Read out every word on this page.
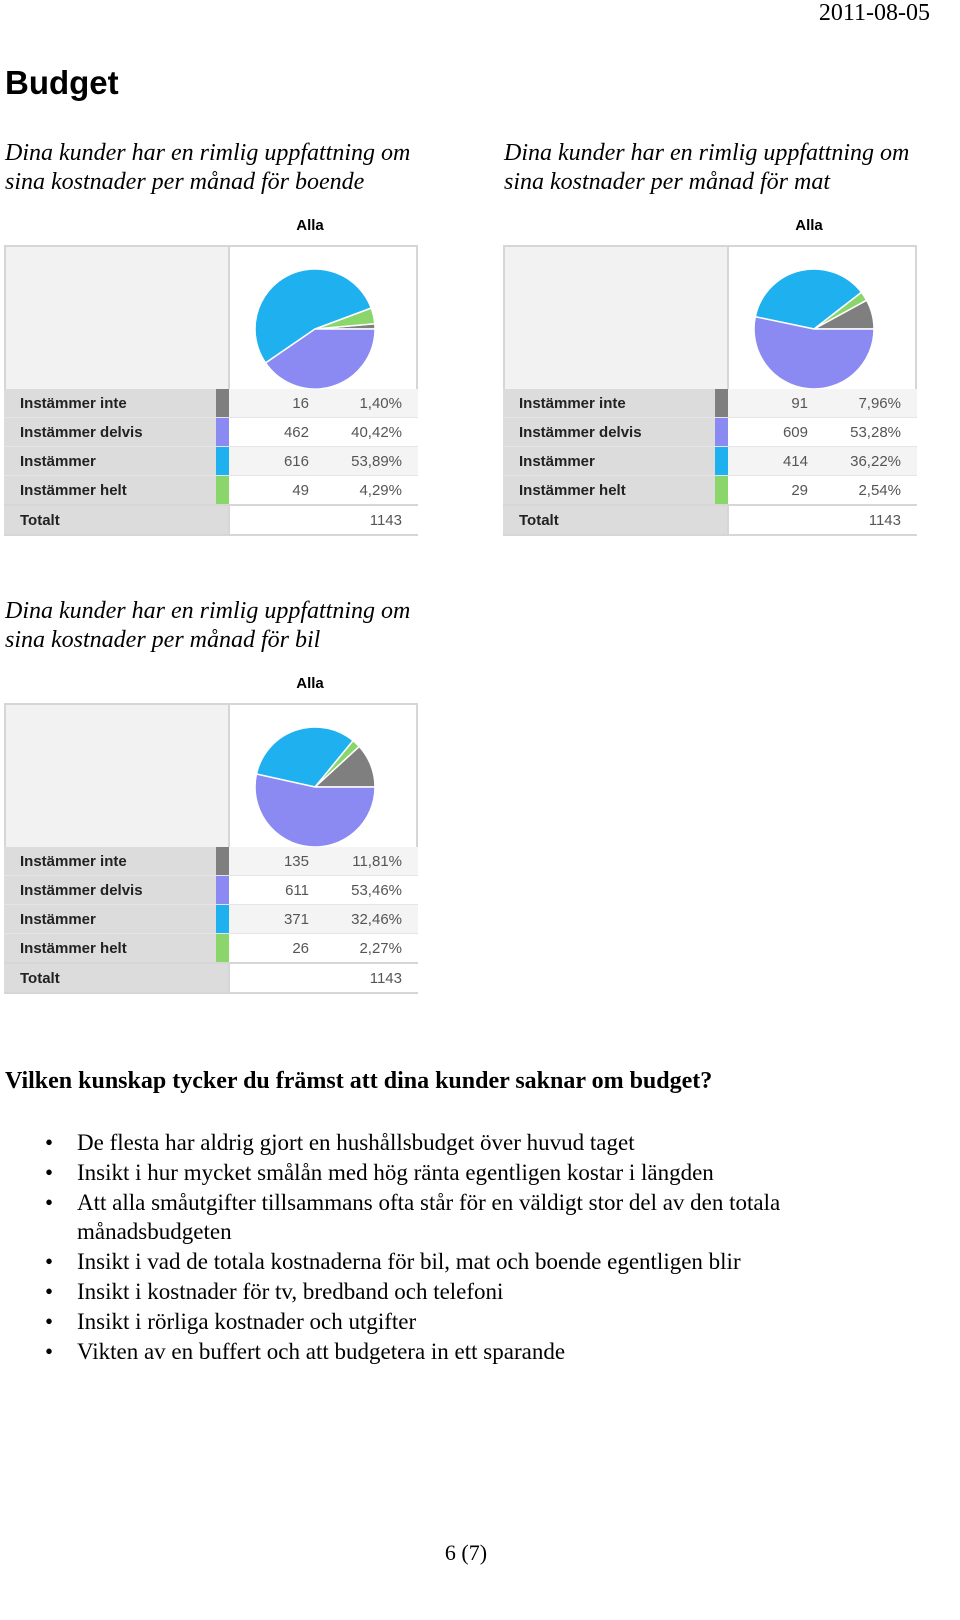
2011-08-05
Budget

Dina kunder har en rimlig uppfattning om sina kostnader per månad för boende

Alla
Instämmer inte		16	1,40%
Instämmer delvis		462	40,42%
Instämmer		616	53,89%
Instämmer helt		49	4,29%
Totalt		1143	

Dina kunder har en rimlig uppfattning om sina kostnader per månad för mat

Alla
Instämmer inte		91	7,96%
Instämmer delvis		609	53,28%
Instämmer		414	36,22%
Instämmer helt		29	2,54%
Totalt		1143	

Dina kunder har en rimlig uppfattning om sina kostnader per månad för bil

Alla
Instämmer inte		135	11,81%
Instämmer delvis		611	53,46%
Instämmer		371	32,46%
Instämmer helt		26	2,27%
Totalt		1143	
Vilken kunskap tycker du främst att dina kunder saknar om budget?
• De flesta har aldrig gjort en hushållsbudget över huvud taget
• Insikt i hur mycket smålån med hög ränta egentligen kostar i längden
• Att alla småutgifter tillsammans ofta står för en väldigt stor del av den totala månadsbudgeten
• Insikt i vad de totala kostnaderna för bil, mat och boende egentligen blir
• Insikt i kostnader för tv, bredband och telefoni
• Insikt i rörliga kostnader och utgifter
• Vikten av en buffert och att budgetera in ett sparande
6 (7)
